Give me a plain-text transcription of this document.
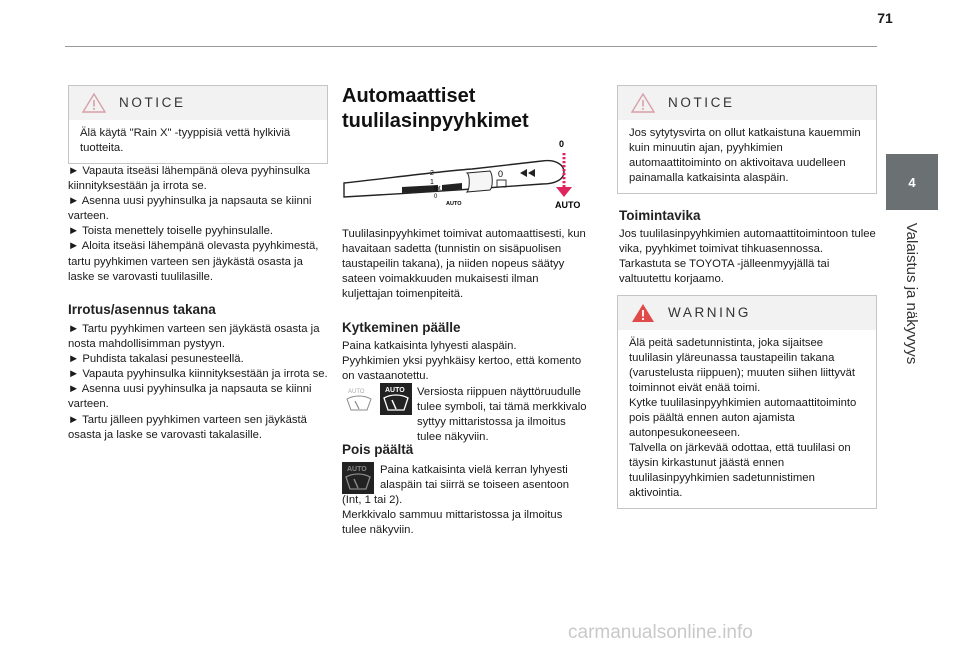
71
4
Valaistus ja näkyvyys
NOTICE
Älä käytä "Rain X" -tyyppisiä vettä hylkiviä tuotteita.
► Vapauta itseäsi lähempänä oleva pyyhinsulka kiinnityksestään ja irrota se.
► Asenna uusi pyyhinsulka ja napsauta se kiinni varteen.
► Toista menettely toiselle pyyhinsulalle.
► Aloita itseäsi lähempänä olevasta pyyhkimestä, tartu pyyhkimen varteen sen jäykästä osasta ja laske se varovasti tuulilasille.
Irrotus/asennus takana
► Tartu pyyhkimen varteen sen jäykästä osasta ja nosta mahdollisimman pystyyn.
► Puhdista takalasi pesunesteellä.
► Vapauta pyyhinsulka kiinnityksestään ja irrota se.
► Asenna uusi pyyhinsulka ja napsauta se kiinni varteen.
► Tartu jälleen pyyhkimen varteen sen jäykästä osasta ja laske se varovasti takalasille.
Automaattiset tuulilasinpyyhkimet
2
1
Int
0
AUTO
0
0
AUTO
Tuulilasinpyyhkimet toimivat automaattisesti, kun havaitaan sadetta (tunnistin on sisäpuolisen taustapeilin takana), ja niiden nopeus säätyy sateen voimakkuuden mukaisesti ilman kuljettajan toimenpiteitä.
Kytkeminen päälle
Paina katkaisinta lyhyesti alaspäin.
Pyyhkimien yksi pyyhkäisy kertoo, että komento on vastaanotettu.
AUTO	AUTO Versiosta riippuen näyttöruudulle tulee symboli, tai tämä merkkivalo syttyy mittaristossa ja ilmoitus tulee näkyviin.
Pois päältä
AUTO Paina katkaisinta vielä kerran lyhyesti alaspäin tai siirrä se toiseen asentoon
(Int, 1 tai 2).
Merkkivalo sammuu mittaristossa ja ilmoitus tulee näkyviin.
NOTICE
Jos sytytysvirta on ollut katkaistuna kauemmin kuin minuutin ajan, pyyhkimien automaattitoiminto on aktivoitava uudelleen painamalla katkaisinta alaspäin.
Toimintavika
Jos tuulilasinpyyhkimien automaattitoimintoon tulee vika, pyyhkimet toimivat tihkuasennossa.
Tarkastuta se TOYOTA -jälleenmyyjällä tai valtuutettu korjaamo.
WARNING
Älä peitä sadetunnistinta, joka sijaitsee tuulilasin yläreunassa taustapeilin takana (varustelusta riippuen); muuten siihen liittyvät toiminnot eivät enää toimi.
Kytke tuulilasinpyyhkimien automaattitoiminto pois päältä ennen auton ajamista autonpesukoneeseen.
Talvella on järkevää odottaa, että tuulilasi on täysin kirkastunut jäästä ennen tuulilasinpyyhkimien sadetunnistimen aktivointia.
carmanualsonline.info
